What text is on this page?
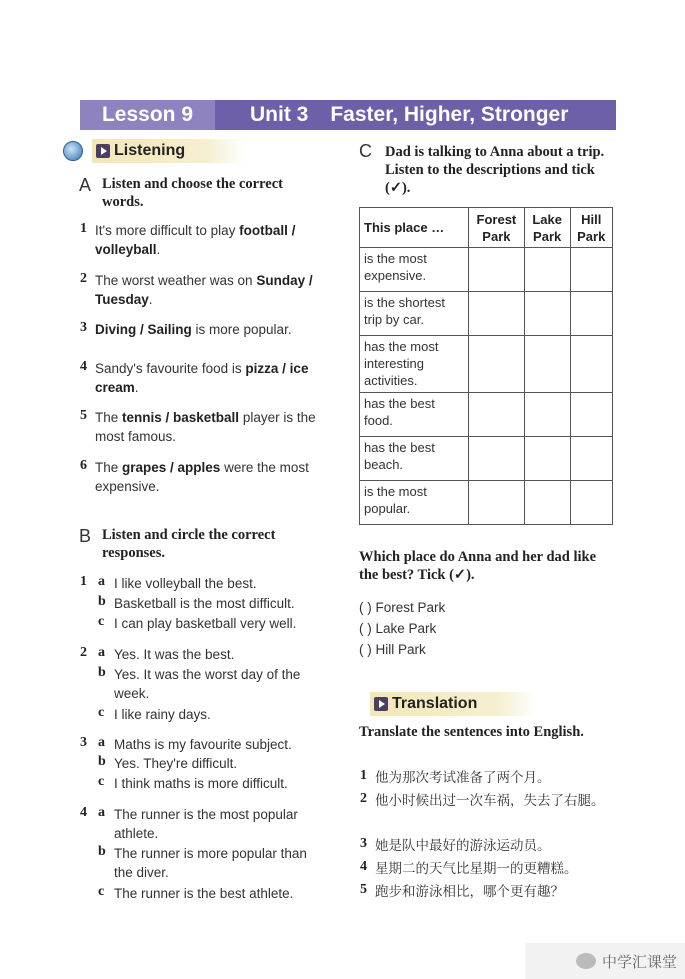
Lesson 9	Unit 3 Faster, Higher, Stronger
Listening
A Listen and choose the correct words.
1 It's more difficult to play football / volleyball.
2 The worst weather was on Sunday / Tuesday.
3 Diving / Sailing is more popular.
4 Sandy's favourite food is pizza / ice cream.
5 The tennis / basketball player is the most famous.
6 The grapes / apples were the most expensive.
B Listen and circle the correct responses.
1 a I like volleyball the best.
b Basketball is the most difficult.
c I can play basketball very well.
2 a Yes. It was the best.
b Yes. It was the worst day of the week.
c I like rainy days.
3 a Maths is my favourite subject.
b Yes. They're difficult.
c I think maths is more difficult.
4 a The runner is the most popular athlete.
b The runner is more popular than the diver.
c The runner is the best athlete.
C Dad is talking to Anna about a trip. Listen to the descriptions and tick (✓).
This place …	Forest Park	Lake Park	Hill Park
is the most expensive.			
is the shortest trip by car.			
has the most interesting activities.			
has the best food.			
has the best beach.			
is the most popular.			
Which place do Anna and her dad like the best? Tick (✓).
( ) Forest Park
( ) Lake Park
( ) Hill Park
Translation
Translate the sentences into English.
1 他为那次考试准备了两个月。
2 他小时候出过一次车祸，失去了右腿。
3 她是队中最好的游泳运动员。
4 星期二的天气比星期一的更糟糕。
5 跑步和游泳相比，哪个更有趣？
中学汇课堂
